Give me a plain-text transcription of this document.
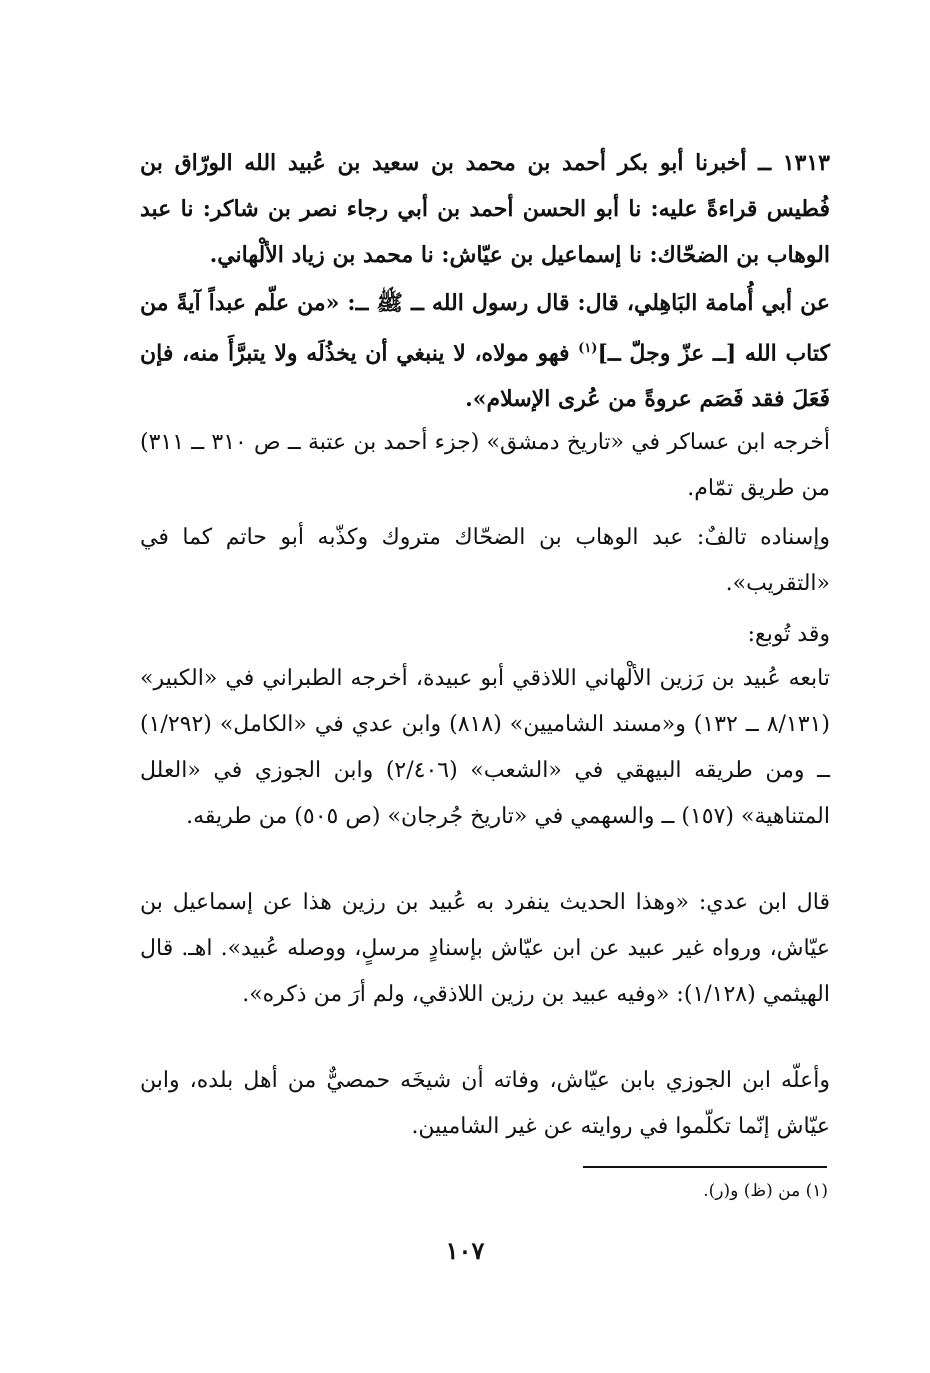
١٣١٣ ــ أخبرنا أبو بكر أحمد بن محمد بن سعيد بن عُبيد الله الورّاق بن فُطيس قراءةً عليه: نا أبو الحسن أحمد بن أبي رجاء نصر بن شاكر: نا عبد الوهاب بن الضحّاك: نا إسماعيل بن عيّاش: نا محمد بن زياد الألْهاني.
عن أبي أُمامة البَاهِلي، قال: قال رسول الله ــ ﷺ ــ: «من علّم عبداً آيةً من كتاب الله [ــ عزّ وجلّ ــ]$^{(١)}$ فهو مولاه، لا ينبغي أن يخذُلَه ولا يتبرَّأَ منه، فإن فَعَلَ فقد فَصَم عروةً من عُرى الإسلام».
أخرجه ابن عساكر في «تاريخ دمشق» (جزء أحمد بن عتبة ــ ص ٣١٠ ــ ٣١١) من طريق تمّام.
وإسناده تالفٌ: عبد الوهاب بن الضحّاك متروك وكذّبه أبو حاتم كما في «التقريب».
وقد تُوبع:
تابعه عُبيد بن رَزين الألْهاني اللاذقي أبو عبيدة، أخرجه الطبراني في «الكبير» (٨/١٣١ ــ ١٣٢) و«مسند الشاميين» (٨١٨) وابن عدي في «الكامل» (١/٢٩٢) ــ ومن طريقه البيهقي في «الشعب» (٢/٤٠٦) وابن الجوزي في «العلل المتناهية» (١٥٧) ــ والسهمي في «تاريخ جُرجان» (ص ٥٠٥) من طريقه.
قال ابن عدي: «وهذا الحديث ينفرد به عُبيد بن رزين هذا عن إسماعيل بن عيّاش، ورواه غير عبيد عن ابن عيّاش بإسنادٍ مرسلٍ، ووصله عُبيد». اهـ. قال الهيثمي (١/١٢٨): «وفيه عبيد بن رزين اللاذقي، ولم أرَ من ذكره».
وأعلّه ابن الجوزي بابن عيّاش، وفاته أن شيخَه حمصيٌّ من أهل بلده، وابن عيّاش إنّما تكلّموا في روايته عن غير الشاميين.
(١) من (ظ) و(ر).
١٠٧
